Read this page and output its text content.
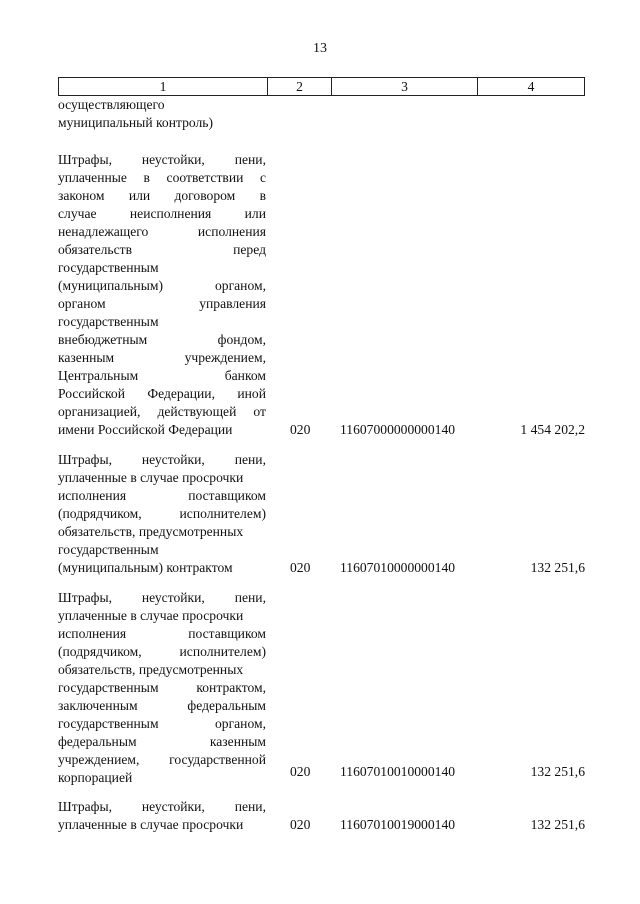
13
1	2	3	4
осуществляющего
муниципальный контроль)
Штрафы, неустойки, пени,
уплаченные в соответствии с
законом или договором в
случае неисполнения или
ненадлежащего исполнения
обязательств перед
государственным
(муниципальным) органом,
органом управления
государственным
внебюджетным фондом,
казенным учреждением,
Центральным банком
Российской Федерации, иной
организацией, действующей от
имени Российской Федерации	020 11607000000000140	1 454 202,2
Штрафы, неустойки, пени,
уплаченные в случае просрочки
исполнения поставщиком
(подрядчиком, исполнителем)
обязательств, предусмотренных
государственным
(муниципальным) контрактом	020 11607010000000140	132 251,6
Штрафы, неустойки, пени,
уплаченные в случае просрочки
исполнения поставщиком
(подрядчиком, исполнителем)
обязательств, предусмотренных
государственным контрактом,
заключенным федеральным
государственным органом,
федеральным казенным
учреждением, государственной
корпорацией	020 11607010010000140	132 251,6
Штрафы, неустойки, пени,
уплаченные в случае просрочки	020 11607010019000140	132 251,6
